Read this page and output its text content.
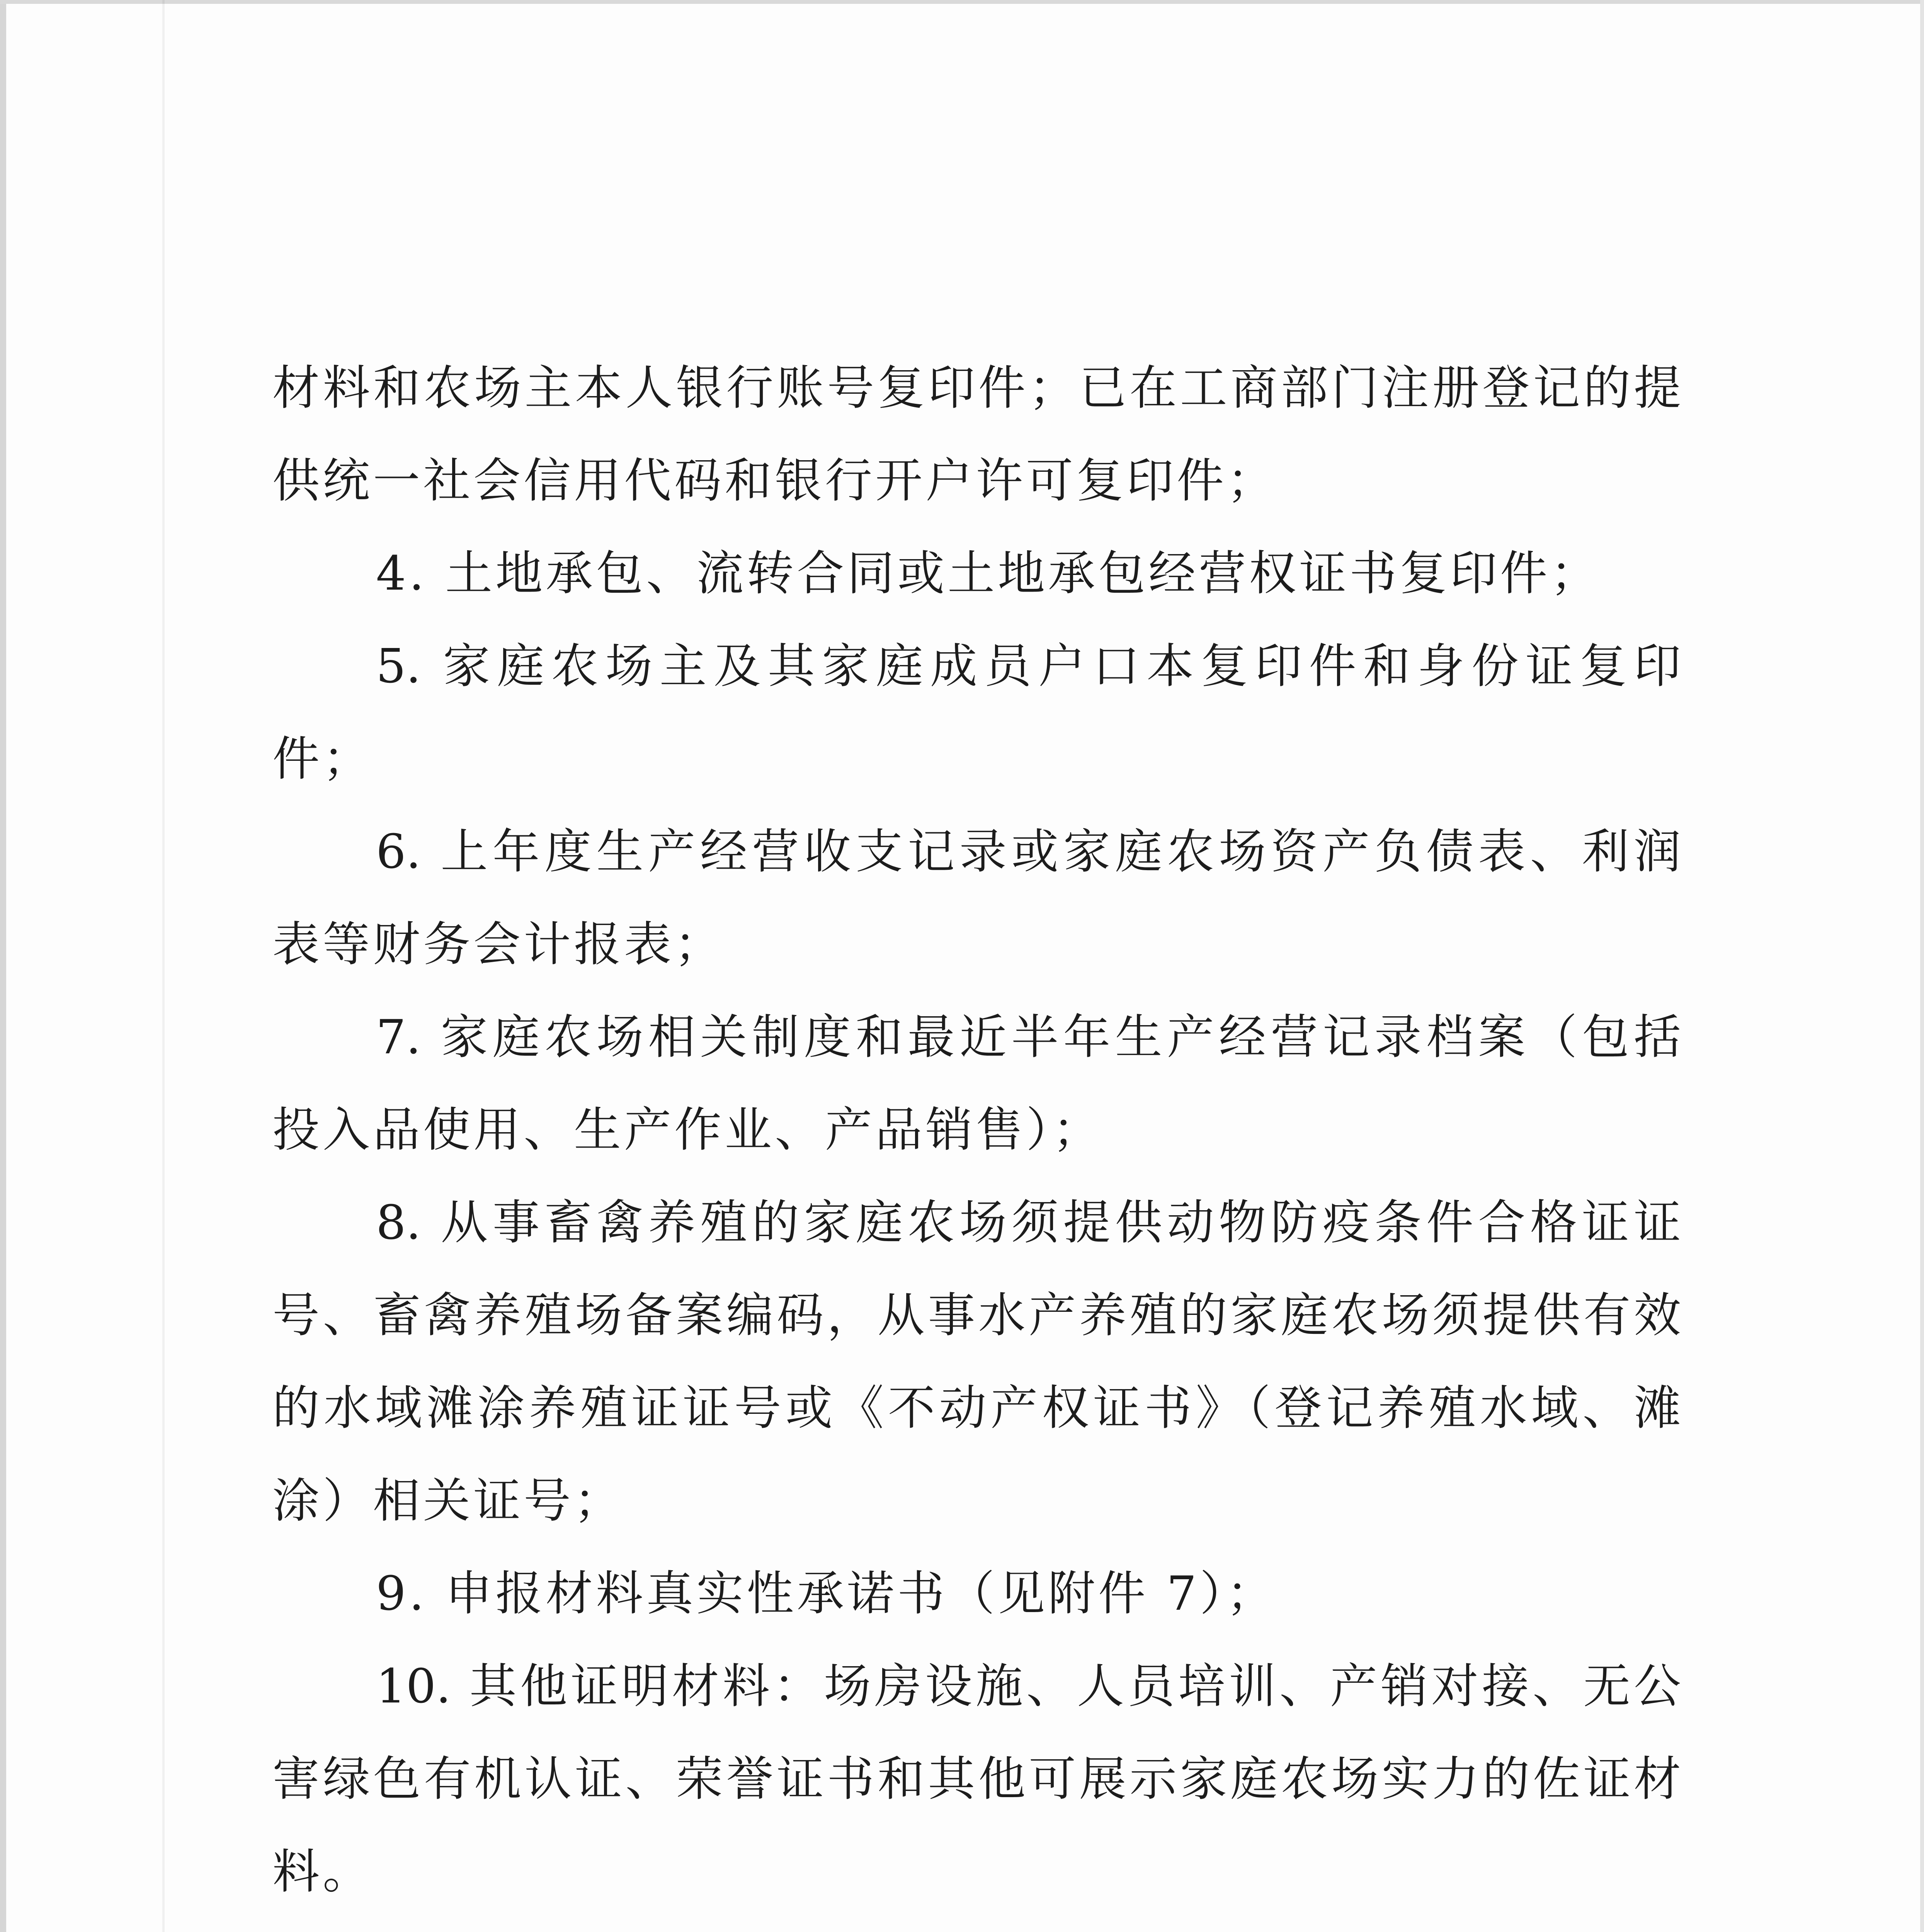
材料和农场主本人银行账号复印件；已在工商部门注册登记的提
供统一社会信用代码和银行开户许可复印件；
4. 土地承包、流转合同或土地承包经营权证书复印件；
5. 家庭农场主及其家庭成员户口本复印件和身份证复印
件；
6. 上年度生产经营收支记录或家庭农场资产负债表、利润
表等财务会计报表；
7. 家庭农场相关制度和最近半年生产经营记录档案（包括
投入品使用、生产作业、产品销售）；
8. 从事畜禽养殖的家庭农场须提供动物防疫条件合格证证
号、畜禽养殖场备案编码，从事水产养殖的家庭农场须提供有效
的水域滩涂养殖证证号或《不动产权证书》（登记养殖水域、滩
涂）相关证号；
9. 申报材料真实性承诺书（见附件 7）；
10. 其他证明材料：场房设施、人员培训、产销对接、无公
害绿色有机认证、荣誉证书和其他可展示家庭农场实力的佐证材
料。
